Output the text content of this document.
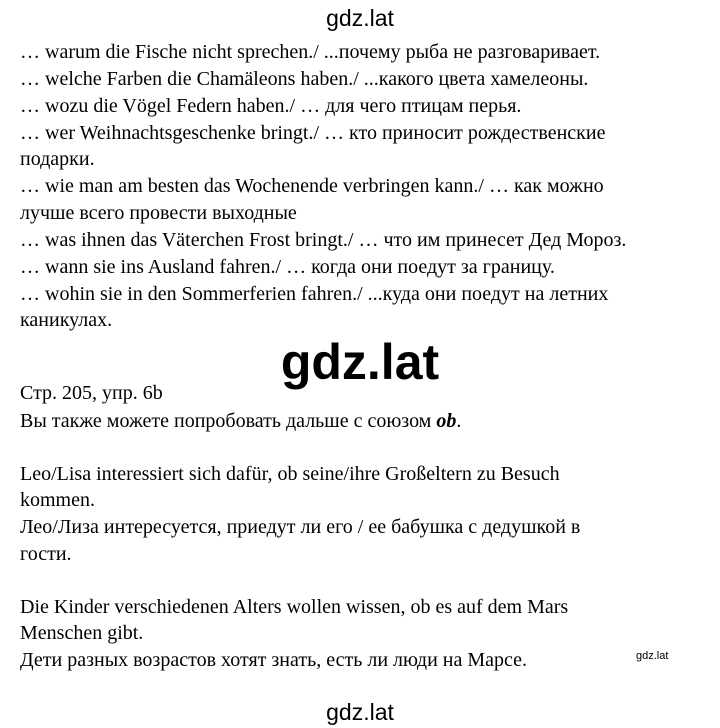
gdz.lat
… warum die Fische nicht sprechen./ ...почему рыба не разговаривает.
… welche Farben die Chamäleons haben./ ...какого цвета хамелеоны.
… wozu die Vögel Federn haben./ … для чего птицам перья.
… wer Weihnachtsgeschenke bringt./ … кто приносит рождественские
подарки.
… wie man am besten das Wochenende verbringen kann./ … как можно
лучше всего провести выходные
… was ihnen das Väterchen Frost bringt./ … что им принесет Дед Мороз.
… wann sie ins Ausland fahren./ … когда они поедут за границу.
… wohin sie in den Sommerferien fahren./ ...куда они поедут на летних
каникулах.
gdz.lat
Стр. 205, упр. 6b
Вы также можете попробовать дальше с союзом ob.
Leo/Lisa interessiert sich dafür, ob seine/ihre Großeltern zu Besuch
kommen.
Лео/Лиза интересуется, приедут ли его / ее бабушка с дедушкой в
гости.
Die Kinder verschiedenen Alters wollen wissen, ob es auf dem Mars
Menschen gibt.
Дети разных возрастов хотят знать, есть ли люди на Марсе.	gdz.lat
gdz.lat
